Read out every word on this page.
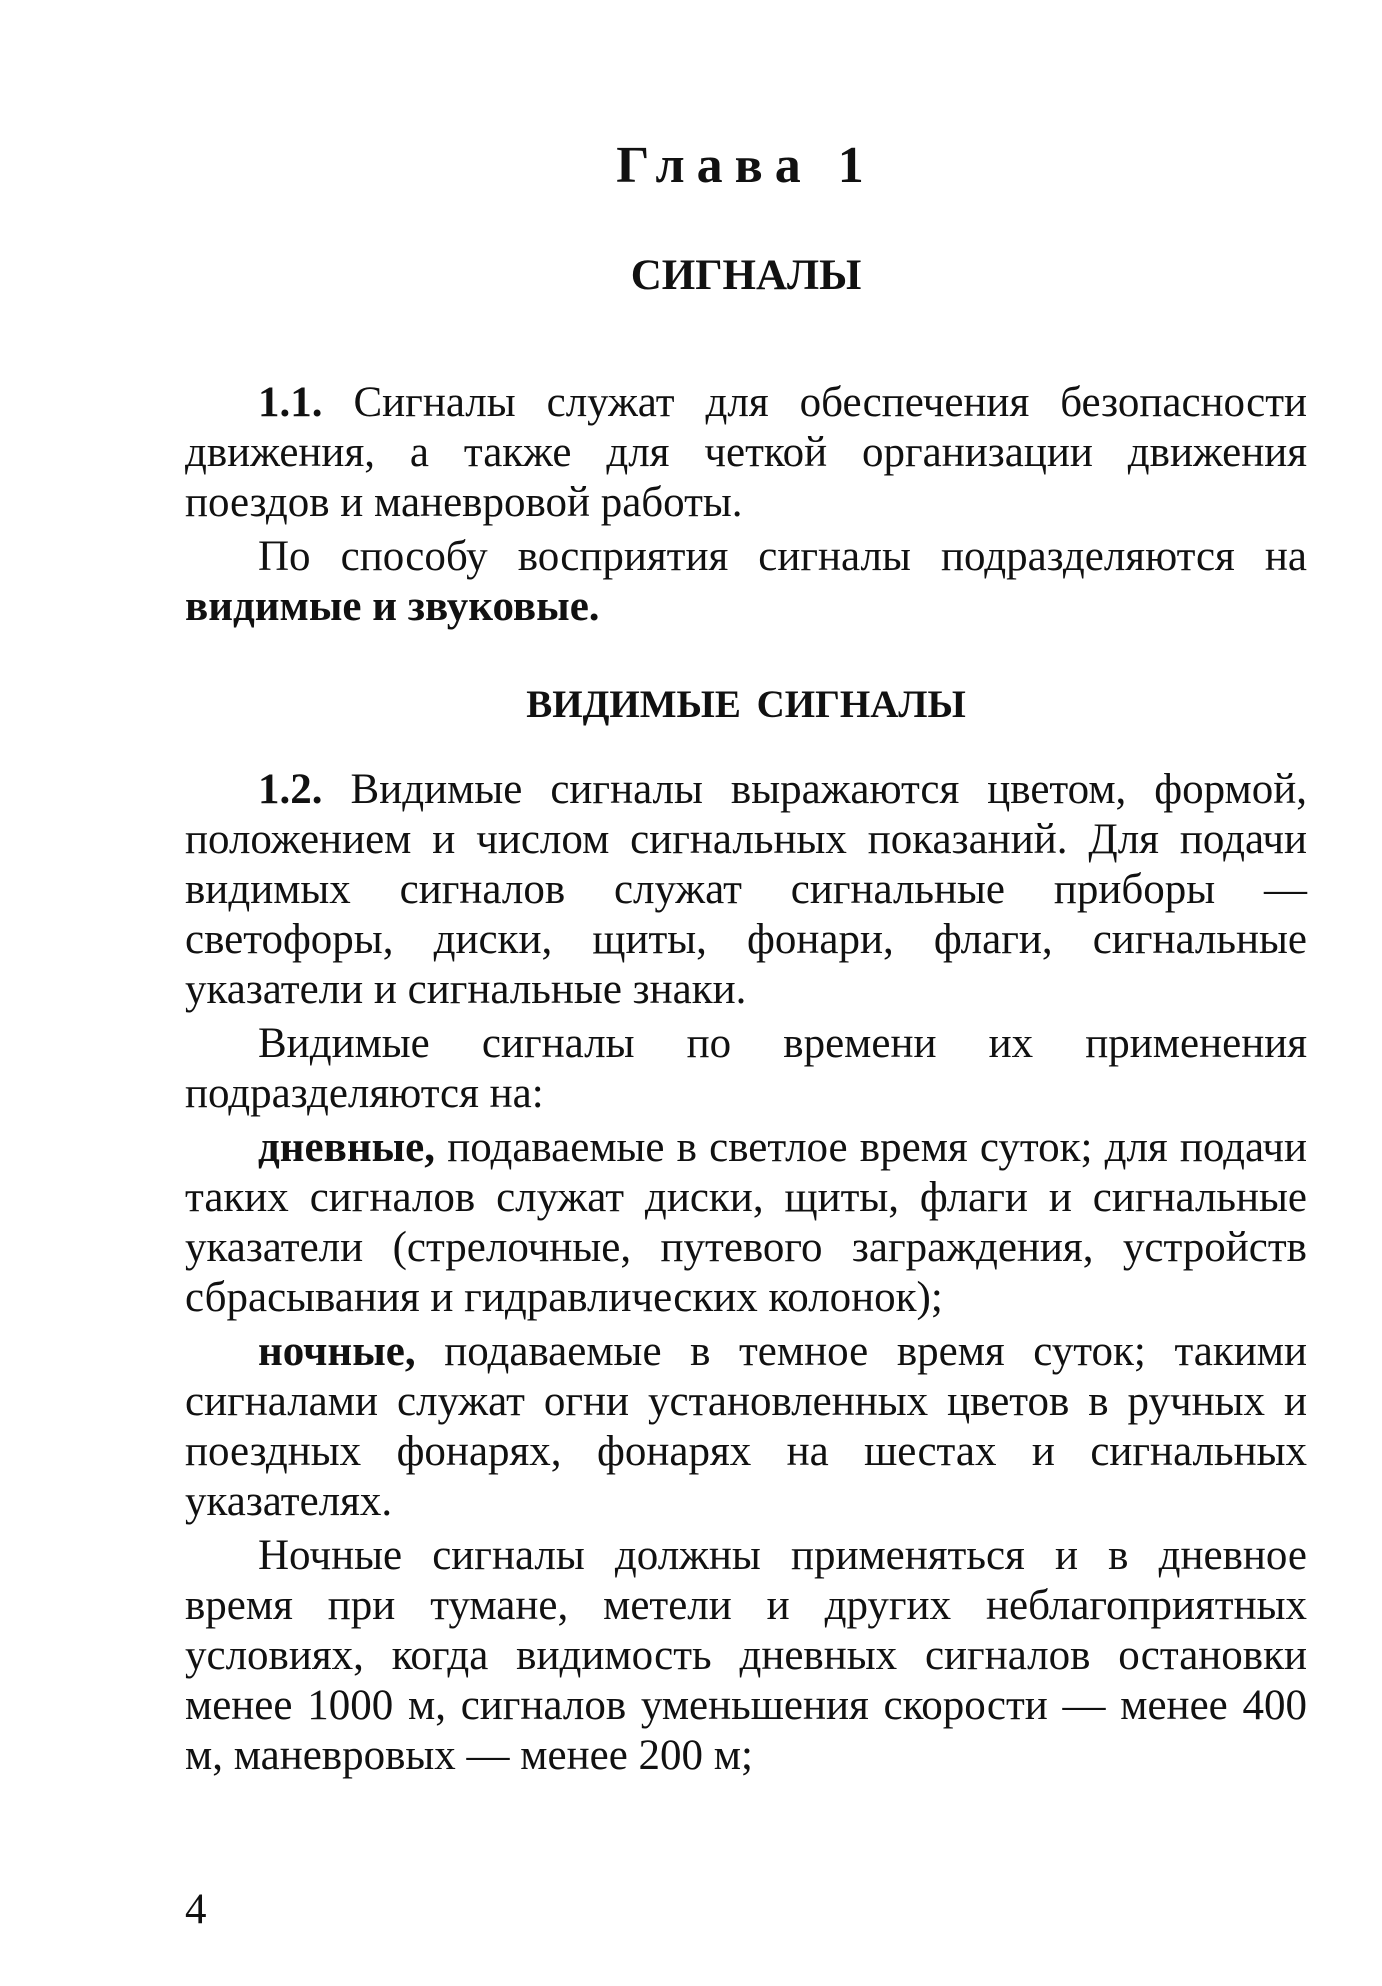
Глава 1
СИГНАЛЫ

1.1. Сигналы служат для обеспечения безопасности движения, а также для четкой организации движения поездов и маневровой работы.

По способу восприятия сигналы подразделяются на видимые и звуковые.

ВИДИМЫЕ СИГНАЛЫ

1.2. Видимые сигналы выражаются цветом, формой, положением и числом сигнальных показаний. Для подачи видимых сигналов служат сигнальные приборы — светофоры, диски, щиты, фонари, флаги, сигнальные указатели и сигнальные знаки.

Видимые сигналы по времени их применения подразделяются на:

дневные, подаваемые в светлое время суток; для подачи таких сигналов служат диски, щиты, флаги и сигнальные указатели (стрелочные, путевого заграждения, устройств сбрасывания и гидравлических колонок);

ночные, подаваемые в темное время суток; такими сигналами служат огни установленных цветов в ручных и поездных фонарях, фонарях на шестах и сигнальных указателях.

Ночные сигналы должны применяться и в дневное время при тумане, метели и других неблагоприятных условиях, когда видимость дневных сигналов остановки менее 1000 м, сигналов уменьшения скорости — менее 400 м, маневровых — менее 200 м;

4
